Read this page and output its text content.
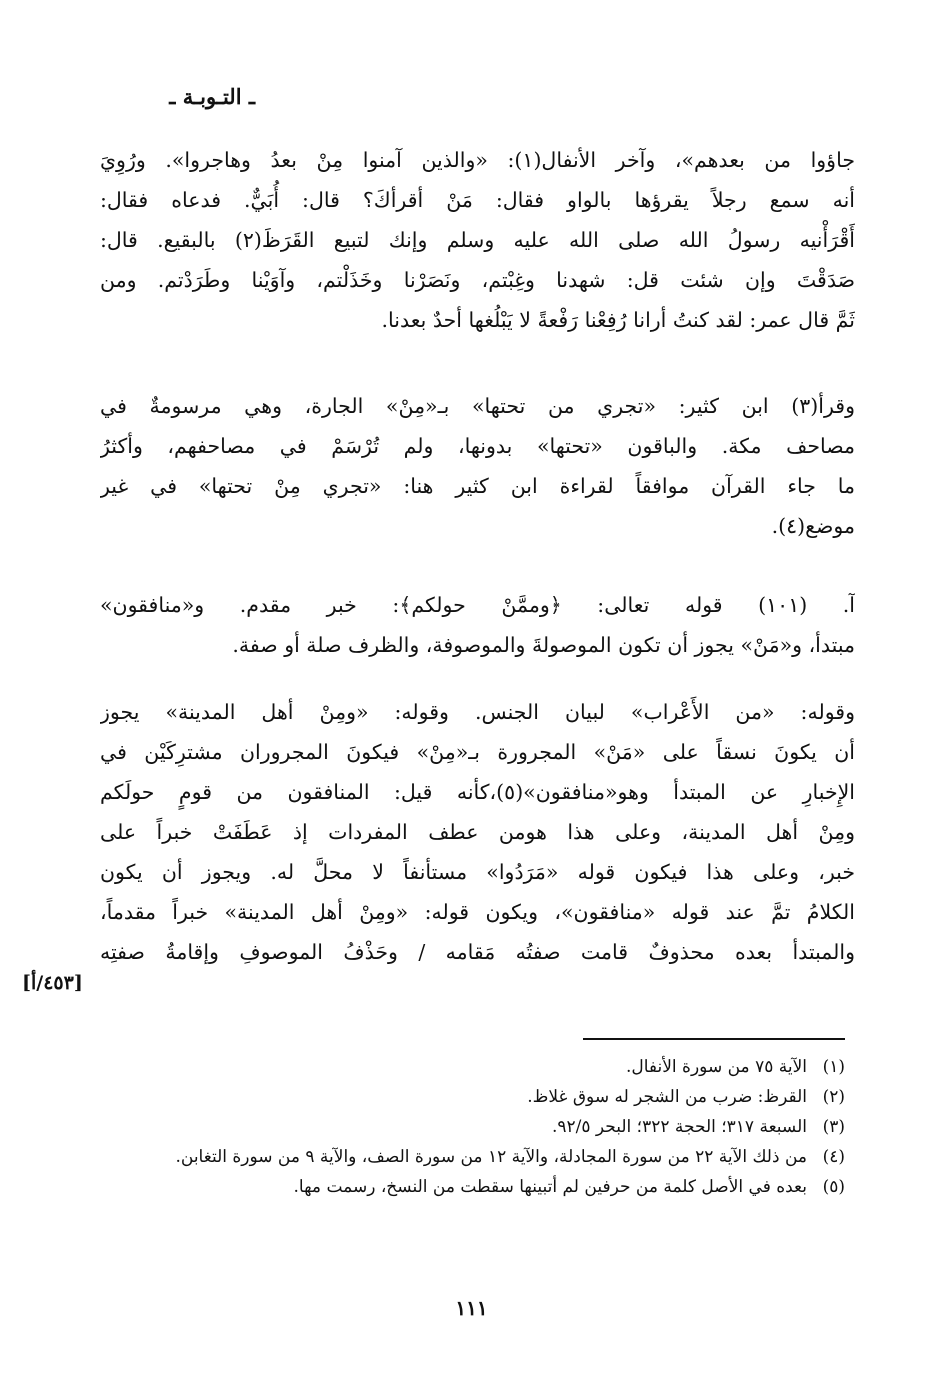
ـ التـوبـة ـ
جاؤوا من بعدهم»، وآخر الأنفال(١): «والذين آمنوا مِنْ بعدُ وهاجروا». ورُوِيَ
أنه سمع رجلاً يقرؤها بالواو فقال: مَنْ أقرأكَ؟ قال: أُبَيٌّ. فدعاه فقال:
أَقْرَأْنيه رسولُ الله صلى الله عليه وسلم وإنك لتبيع القَرَظَ(٢) بالبقيع. قال:
صَدَقْتَ وإن شئت قل: شهدنا وغِبْتم، ونَصَرْنا وخَذَلْتم، وآوَيْنا وطَرَدْتم. ومن
ثَمَّ قال عمر: لقد كنتُ أرانا رُفِعْنا رَفْعةً لا يَبْلُغها أحدٌ بعدنا.
وقرأ(٣) ابن كثير: «تجري من تحتها» بـ«مِنْ» الجارة، وهي مرسومةٌ في
مصاحف مكة. والباقون «تحتها» بدونها، ولم تُرْسَمْ في مصاحفهم، وأكثرُ
ما جاء القرآن موافقاً لقراءة ابن كثير هنا: «تجري مِنْ تحتها» في غير
موضع(٤).
آ. (١٠١) قوله تعالى: ﴿وممَّنْ حولكم﴾: خبر مقدم. و«منافقون»
مبتدأ، و«مَنْ» يجوز أن تكون الموصولةَ والموصوفة، والظرف صلة أو صفة.
وقوله: «من الأَعْراب» لبيان الجنس. وقوله: «ومِنْ أهل المدينة» يجوز
أن يكونَ نسقاً على «مَنْ» المجرورة بـ«مِنْ» فيكونَ المجروران مشترِكَيْن في
الإِخبارِ عن المبتدأ وهو«منافقون»(٥)،كأنه قيل: المنافقون من قومٍ حولَكم
ومِنْ أهل المدينة، وعلى هذا هومن عطف المفردات إذ عَطَفَتْ خبراً على
خبر، وعلى هذا فيكون قوله «مَرَدُوا» مستأنفاً لا محلَّ له. ويجوز أن يكون
الكلامُ تمَّ عند قوله «منافقون»، ويكون قوله: «ومِنْ أهل المدينة» خبراً مقدماً،
والمبتدأ بعده محذوفٌ قامت صفتُه مَقامه / وحَذْفُ الموصوفِ وإقامةُ صفتِه
[٤٥٣/أ]
(١)
الآية ٧٥ من سورة الأنفال.
(٢)
القرظ: ضرب من الشجر له سوق غلاظ.
(٣)
السبعة ٣١٧؛ الحجة ٣٢٢؛ البحر ٩٢/٥.
(٤)
من ذلك الآية ٢٢ من سورة المجادلة، والآية ١٢ من سورة الصف، والآية ٩ من سورة التغابن.
(٥)
بعده في الأصل كلمة من حرفين لم أتبينها سقطت من النسخ، رسمت مها.
١١١
